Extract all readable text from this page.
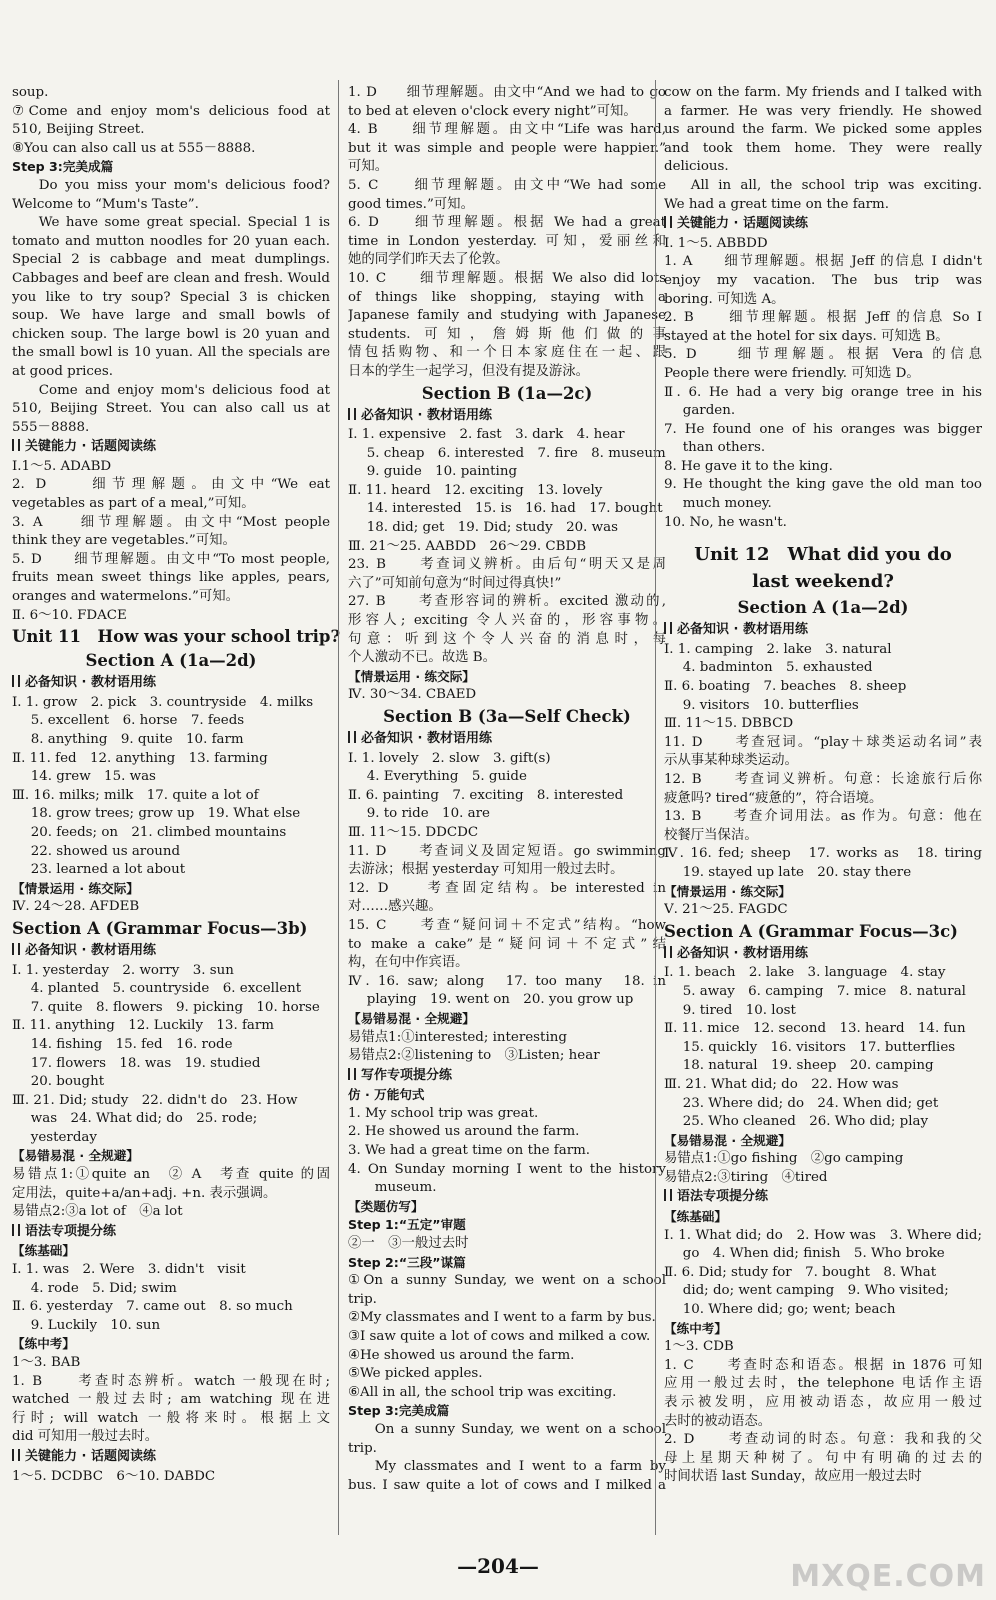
soup.
⑦Come and enjoy mom's delicious food at
510, Beijing Street.
⑧You can also call us at 555－8888.
Step 3:完美成篇
Do you miss your mom's delicious food?
Welcome to “Mum's Taste”.
We have some great special. Special 1 is
tomato and mutton noodles for 20 yuan each.
Special 2 is cabbage and meat dumplings.
Cabbages and beef are clean and fresh. Would
you like to try soup? Special 3 is chicken
soup. We have large and small bowls of
chicken soup. The large bowl is 20 yuan and
the small bowl is 10 yuan. All the specials are
at good prices.
Come and enjoy mom's delicious food at
510, Beijing Street. You can also call us at
555－8888.
关键能力 · 话题阅读练
Ⅰ.1～5. ADABD
2. D　　细节理解题。由文中“We eat
vegetables as part of a meal,”可知。
3. A　　细节理解题。由文中“Most people
think they are vegetables.”可知。
5. D　　细节理解题。由文中“To most people,
fruits mean sweet things like apples, pears,
oranges and watermelons.”可知。
Ⅱ. 6～10. FDACE
Unit 11　How was your school trip?
Section A (1a—2d)
必备知识 · 教材语用练
Ⅰ. 1. grow　2. pick　3. countryside　4. milks
5. excellent　6. horse　7. feeds
8. anything　9. quite　10. farm
Ⅱ. 11. fed　12. anything　13. farming
14. grew　15. was
Ⅲ. 16. milks; milk　17. quite a lot of
18. grow trees; grow up　19. What else
20. feeds; on　21. climbed mountains
22. showed us around
23. learned a lot about
【情景运用 · 练交际】
Ⅳ. 24～28. AFDEB
Section A (Grammar Focus—3b)
必备知识 · 教材语用练
Ⅰ. 1. yesterday　2. worry　3. sun
4. planted　5. countryside　6. excellent
7. quite　8. flowers　9. picking　10. horse
Ⅱ. 11. anything　12. Luckily　13. farm
14. fishing　15. fed　16. rode
17. flowers　18. was　19. studied
20. bought
Ⅲ. 21. Did; study　22. didn't do　23. How
was　24. What did; do　25. rode;
yesterday
【易错易混 · 全规避】
易错点1:①quite an　② A　考查 quite 的固
定用法，quite+a/an+adj. +n. 表示强调。
易错点2:③a lot of　④a lot
语法专项提分练
【练基础】
Ⅰ. 1. was　2. Were　3. didn't　visit
4. rode　5. Did; swim
Ⅱ. 6. yesterday　7. came out　8. so much
9. Luckily　10. sun
【练中考】
1～3. BAB
1. B　　考查时态辨析。watch 一般现在时;
watched 一般过去时; am watching 现在进
行时; will watch 一般将来时。根据上文
did 可知用一般过去时。
关键能力 · 话题阅读练
1～5. DCDBC　6～10. DABDC
1. D　　细节理解题。由文中“And we had to go
to bed at eleven o'clock every night”可知。
4. B　　细节理解题。由文中“Life was hard,
but it was simple and people were happier.”
可知。
5. C　　细节理解题。由文中“We had some
good times.”可知。
6. D　　细节理解题。根据 We had a great
time in London yesterday. 可知，爱丽丝和
她的同学们昨天去了伦敦。
10. C　　细节理解题。根据 We also did lots
of things like shopping, staying with a
Japanese family and studying with Japanese
students. 可知，詹姆斯他们做的事
情包括购物、和一个日本家庭住在一起、跟
日本的学生一起学习，但没有提及游泳。
Section B (1a—2c)
必备知识 · 教材语用练
Ⅰ. 1. expensive　2. fast　3. dark　4. hear
5. cheap　6. interested　7. fire　8. museum
9. guide　10. painting
Ⅱ. 11. heard　12. exciting　13. lovely
14. interested　15. is　16. had　17. bought
18. did; get　19. Did; study　20. was
Ⅲ. 21～25. AABDD　26～29. CBDB
23. B　　考查词义辨析。由后句“明天又是周
六了”可知前句意为“时间过得真快!”
27. B　　考查形容词的辨析。excited 激动的,
形容人; exciting 令人兴奋的，形容事物。
句意：听到这个令人兴奋的消息时，每
个人激动不已。故选 B。
【情景运用 · 练交际】
Ⅳ. 30～34. CBAED
Section B (3a—Self Check)
必备知识 · 教材语用练
Ⅰ. 1. lovely　2. slow　3. gift(s)
4. Everything　5. guide
Ⅱ. 6. painting　7. exciting　8. interested
9. to ride　10. are
Ⅲ. 11～15. DDCDC
11. D　　考查词义及固定短语。go swimming
去游泳；根据 yesterday 可知用一般过去时。
12. D　　考查固定结构。be interested in
对……感兴趣。
15. C　　考查“疑问词＋不定式”结构。“how
to make a cake”是“疑问词＋不定式”结
构，在句中作宾语。
Ⅳ. 16. saw; along　17. too many　18. in
playing　19. went on　20. you grow up
【易错易混 · 全规避】
易错点1:①interested; interesting
易错点2:②listening to　③Listen; hear
写作专项提分练
仿 · 万能句式
1. My school trip was great.
2. He showed us around the farm.
3. We had a great time on the farm.
4. On Sunday morning I went to the history
museum.
【类题仿写】
Step 1:“五定”审题
②一　③一般过去时
Step 2:“三段”谋篇
①On a sunny Sunday, we went on a school
trip.
②My classmates and I went to a farm by bus.
③I saw quite a lot of cows and milked a cow.
④He showed us around the farm.
⑤We picked apples.
⑥All in all, the school trip was exciting.
Step 3:完美成篇
On a sunny Sunday, we went on a school
trip.
My classmates and I went to a farm by
bus. I saw quite a lot of cows and I milked a
cow on the farm. My friends and I talked with
a farmer. He was very friendly. He showed
us around the farm. We picked some apples
and took them home. They were really
delicious.
All in all, the school trip was exciting.
We had a great time on the farm.
关键能力 · 话题阅读练
Ⅰ. 1～5. ABBDD
1. A　　细节理解题。根据 Jeff 的信息 I didn't
enjoy my vacation. The bus trip was
boring. 可知选 A。
2. B　　细节理解题。根据 Jeff 的信息 So I
stayed at the hotel for six days. 可知选 B。
5. D　　细节理解题。根据 Vera 的信息
People there were friendly. 可知选 D。
Ⅱ. 6. He had a very big orange tree in his
garden.
7. He found one of his oranges was bigger
than others.
8. He gave it to the king.
9. He thought the king gave the old man too
much money.
10. No, he wasn't.
Unit 12　What did you do
last weekend?
Section A (1a—2d)
必备知识 · 教材语用练
Ⅰ. 1. camping　2. lake　3. natural
4. badminton　5. exhausted
Ⅱ. 6. boating　7. beaches　8. sheep
9. visitors　10. butterflies
Ⅲ. 11～15. DBBCD
11. D　　考查冠词。“play＋球类运动名词”表
示从事某种球类运动。
12. B　　考查词义辨析。句意：长途旅行后你
疲惫吗? tired“疲惫的”，符合语境。
13. B　　考查介词用法。as 作为。句意：他在
校餐厅当保洁。
Ⅳ. 16. fed; sheep　17. works as　18. tiring
19. stayed up late　20. stay there
【情景运用 · 练交际】
Ⅴ. 21～25. FAGDC
Section A (Grammar Focus—3c)
必备知识 · 教材语用练
Ⅰ. 1. beach　2. lake　3. language　4. stay
5. away　6. camping　7. mice　8. natural
9. tired　10. lost
Ⅱ. 11. mice　12. second　13. heard　14. fun
15. quickly　16. visitors　17. butterflies
18. natural　19. sheep　20. camping
Ⅲ. 21. What did; do　22. How was
23. Where did; do　24. When did; get
25. Who cleaned　26. Who did; play
【易错易混 · 全规避】
易错点1:①go fishing　②go camping
易错点2:③tiring　④tired
语法专项提分练
【练基础】
Ⅰ. 1. What did; do　2. How was　3. Where did;
go　4. When did; finish　5. Who broke
Ⅱ. 6. Did; study for　7. bought　8. What
did; do; went camping　9. Who visited;
10. Where did; go; went; beach
【练中考】
1～3. CDB
1. C　　考查时态和语态。根据 in 1876 可知
应用一般过去时，the telephone 电话作主语
表示被发明，应用被动语态，故应用一般过
去时的被动语态。
2. D　　考查动词的时态。句意：我和我的父
母上星期天种树了。句中有明确的过去的
时间状语 last Sunday，故应用一般过去时
—204—	MXQE.COM
